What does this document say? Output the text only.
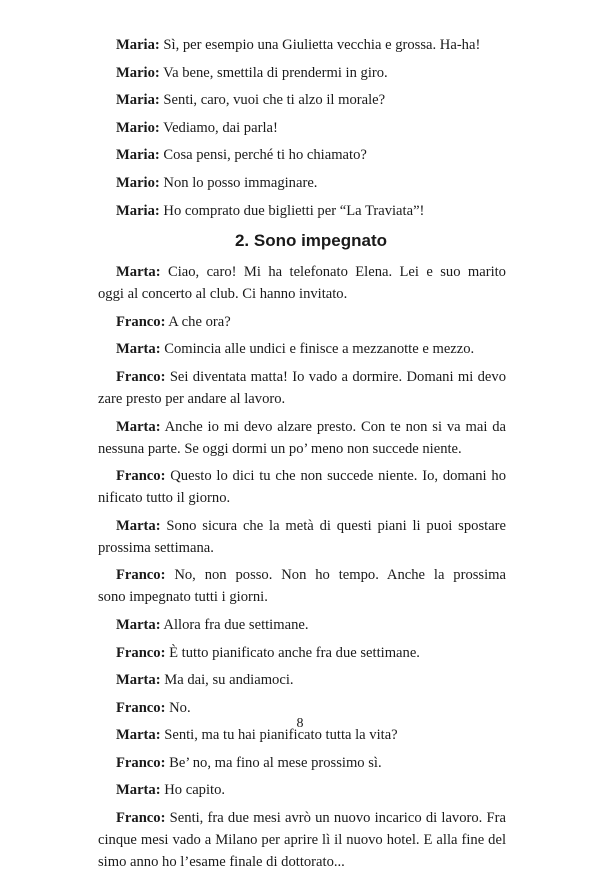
Maria: Sì, per esempio una Giulietta vecchia e grossa. Ha-ha!
Mario: Va bene, smettila di prendermi in giro.
Maria: Senti, caro, vuoi che ti alzo il morale?
Mario: Vediamo, dai parla!
Maria: Cosa pensi, perché ti ho chiamato?
Mario: Non lo posso immaginare.
Maria: Ho comprato due biglietti per “La Traviata”!
2. Sono impegnato
Marta: Ciao, caro! Mi ha telefonato Elena. Lei e suo marito
oggi al concerto al club. Ci hanno invitato.
Franco: A che ora?
Marta: Comincia alle undici e finisce a mezzanotte e mezzo.
Franco: Sei diventata matta! Io vado a dormire. Domani mi devo
zare presto per andare al lavoro.
Marta: Anche io mi devo alzare presto. Con te non si va mai da
nessuna parte. Se oggi dormi un po’ meno non succede niente.
Franco: Questo lo dici tu che non succede niente. Io, domani ho
nificato tutto il giorno.
Marta: Sono sicura che la metà di questi piani li puoi spostare
prossima settimana.
Franco: No, non posso. Non ho tempo. Anche la prossima
sono impegnato tutti i giorni.
Marta: Allora fra due settimane.
Franco: È tutto pianificato anche fra due settimane.
Marta: Ma dai, su andiamoci.
Franco: No.
Marta: Senti, ma tu hai pianificato tutta la vita?
Franco: Be’ no, ma fino al mese prossimo sì.
Marta: Ho capito.
Franco: Senti, fra due mesi avrò un nuovo incarico di lavoro. Fra
cinque mesi vado a Milano per aprire lì il nuovo hotel. E alla fine del
simo anno ho l’esame finale di dottorato...
8
